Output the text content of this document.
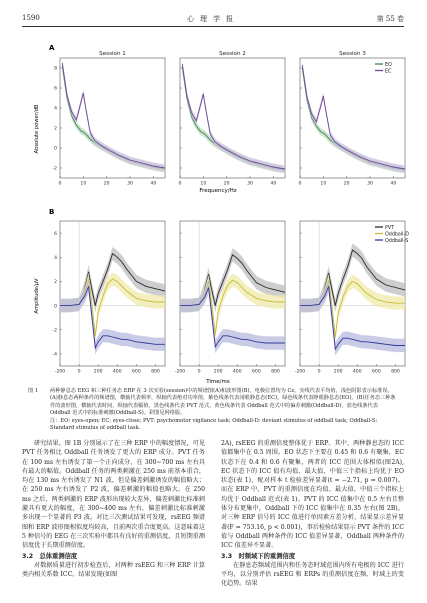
1590	心理学报	第 55 卷
A
B
Absolute power/dB
Frequency/Hz
Amplitude/μV
Time/ms
8
6
4
2
0
-2
0	10	20	30	40
Session 1
0	10	20	30	40
Session 2
0	10	20	30	40
Session 3
EO
EC
6
4
2
0
-2
-4
-200	0	200 400 600 800	-200	0	200 400 600 800	-200	0	200 400 600 800
PVT
Oddball-D
Oddball-S
图 1 两种静息态 EEG 和三种任务态 ERP 在 3 次实验(session)中的频谱图(A)和波形图(B)。电极位置均为 Cz。实线代表平均值，浅色阴影表示标准误。(A)静息态两种条件的频谱图，横轴代表频率，纵轴代表绝对功率值，紫色线条代表闭眼静息态(EC)，绿色线条代表睁眼静息态(EO)。(B)任务态三种条件的波形图，横轴代表时间，纵轴代表幅值，黑色线条代表 PVT 范式，黄色线条代表 Oddball 范式中的偏差刺激(Oddball-D)，蓝色线条代表 Oddball 范式中的标准刺激(Oddball-S)。彩图见网络版。
注：EO: eyes-open; EC: eyes-close; PVT: psychomotor vigilance task; Oddball-D: deviant stimulus of oddball task; Oddball-S: Standard stimulus of oddball task.

研究结果。图 1B 分别展示了在三种 ERP 中的幅度情况，可见 PVT 任务相比 Oddball 任务诱发了更大的 ERP 成分。PVT 任务在 100 ms 左右诱发了第一个正向成分，在 300~700 ms 左右具有最大的幅值。Oddball 任务的两类刺激在 250 ms 前基本重合，均在 130 ms 左右诱发了 N1 波，但是偏差刺激诱发的幅值略大；在 250 ms 左右诱发了 P2 波，偏差刺激的幅值也略大。在 250 ms 之后，两类刺激的 ERP 波形出现较大差异，偏差刺激比标准刺激具有更大的幅度，在 300~400 ms 左右，偏差刺激比标准刺激多出现一个显著的 P3 波。对比三次测试结果可发现，rsEEG 频谱图和 ERP 波形图相似度均较高，且前两次重合度更高。这意味着这 5 种信号的 EEG 在三次实验中都具有良好的重测信度，且短期重测信度优于长期重测信度。

3.2　总体重测信度

对数据质量进行初步检查后，对两种 rsEEG 和三种 ERP 计算类内相关系数 ICC。结果发现(如图

2A), rsEEG 的重测信度整体优于 ERP。其中，两种静息态的 ICC 值都集中在 0.5 周围。EO 状态下主要在 0.45 和 0.6 有聚集，EC 状态下在 0.4 和 0.6 有聚集，两者的 ICC 范围大体相似(图2A), EC 状态下的 ICC 值有均值、最大值，中值三个指标上均优于 EO 状态(表 1)，配对样本 t 检验差异显著(t = −2.71, p = 0.007)。而在 ERP 中，PVT 的重测信度在均值、最大值，中值三个指标上均优于 Oddball 范式(表 1)。PVT 的 ICC 值集中在 0.5 左右且整体分布更集中，Oddball 下的 ICC 值集中在 0.35 左右(图 2B)。对三种 ERP 信号的 ICC 值进行单因素方差分析，结果显示差异显著(F = 753.16, p < 0.001)，事后检验结果显示 PVT 条件的 ICC 值与 Oddball 两种条件的 ICC 值差异显著，Oddball 两种条件的 ICC 值差异不显著。

3.3　时频域下的重测信度

在静息态频域范围内和任务态时域范围内所有电极的 ICC 进行平均，以分别评估 rsEEG 和 ERPs 的重测信度在频、时域上的变化趋势。结果
